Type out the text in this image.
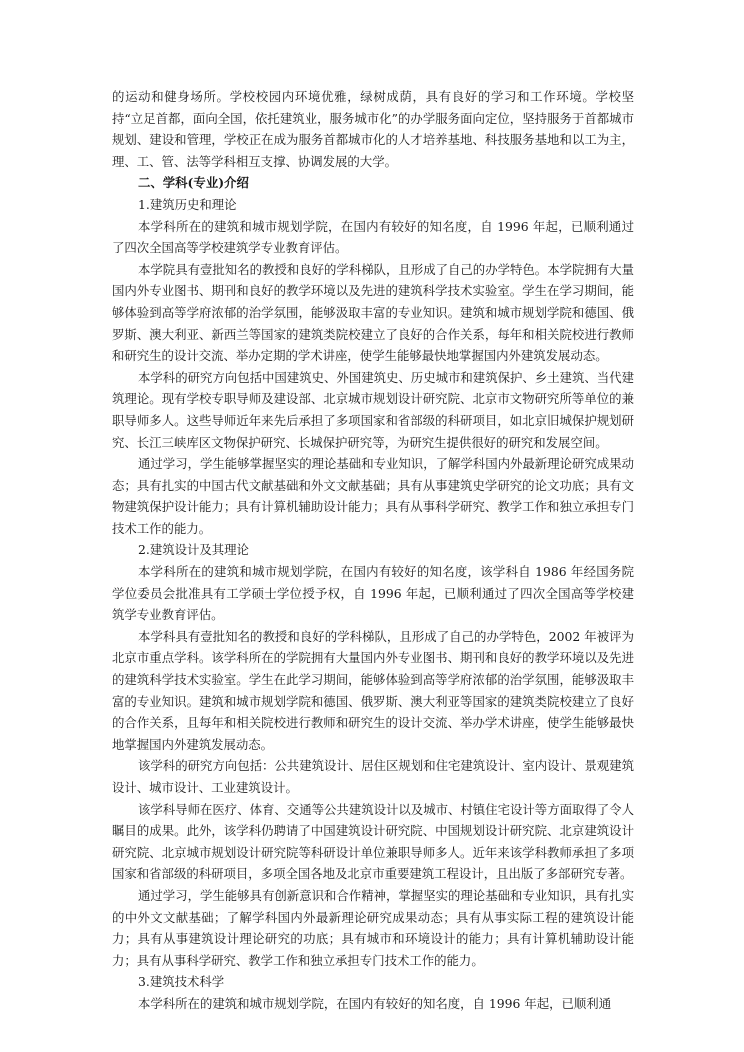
的运动和健身场所。学校校园内环境优雅，绿树成荫，具有良好的学习和工作环境。学校坚持“立足首都，面向全国，依托建筑业，服务城市化”的办学服务面向定位，坚持服务于首都城市规划、建设和管理，学校正在成为服务首都城市化的人才培养基地、科技服务基地和以工为主，理、工、管、法等学科相互支撑、协调发展的大学。

二、学科(专业)介绍

1.建筑历史和理论

本学科所在的建筑和城市规划学院，在国内有较好的知名度，自 1996 年起，已顺利通过了四次全国高等学校建筑学专业教育评估。

本学院具有壹批知名的教授和良好的学科梯队，且形成了自己的办学特色。本学院拥有大量国内外专业图书、期刊和良好的教学环境以及先进的建筑科学技术实验室。学生在学习期间，能够体验到高等学府浓郁的治学氛围，能够汲取丰富的专业知识。建筑和城市规划学院和德国、俄罗斯、澳大利亚、新西兰等国家的建筑类院校建立了良好的合作关系，每年和相关院校进行教师和研究生的设计交流、举办定期的学术讲座，使学生能够最快地掌握国内外建筑发展动态。

本学科的研究方向包括中国建筑史、外国建筑史、历史城市和建筑保护、乡土建筑、当代建筑理论。现有学校专职导师及建设部、北京城市规划设计研究院、北京市文物研究所等单位的兼职导师多人。这些导师近年来先后承担了多项国家和省部级的科研项目，如北京旧城保护规划研究、长江三峡库区文物保护研究、长城保护研究等，为研究生提供很好的研究和发展空间。

通过学习，学生能够掌握坚实的理论基础和专业知识，了解学科国内外最新理论研究成果动态；具有扎实的中国古代文献基础和外文文献基础；具有从事建筑史学研究的论文功底；具有文物建筑保护设计能力；具有计算机辅助设计能力；具有从事科学研究、教学工作和独立承担专门技术工作的能力。

2.建筑设计及其理论

本学科所在的建筑和城市规划学院，在国内有较好的知名度，该学科自 1986 年经国务院学位委员会批准具有工学硕士学位授予权，自 1996 年起，已顺利通过了四次全国高等学校建筑学专业教育评估。

本学科具有壹批知名的教授和良好的学科梯队，且形成了自己的办学特色，2002 年被评为北京市重点学科。该学科所在的学院拥有大量国内外专业图书、期刊和良好的教学环境以及先进的建筑科学技术实验室。学生在此学习期间，能够体验到高等学府浓郁的治学氛围，能够汲取丰富的专业知识。建筑和城市规划学院和德国、俄罗斯、澳大利亚等国家的建筑类院校建立了良好的合作关系，且每年和相关院校进行教师和研究生的设计交流、举办学术讲座，使学生能够最快地掌握国内外建筑发展动态。

该学科的研究方向包括：公共建筑设计、居住区规划和住宅建筑设计、室内设计、景观建筑设计、城市设计、工业建筑设计。

该学科导师在医疗、体育、交通等公共建筑设计以及城市、村镇住宅设计等方面取得了令人瞩目的成果。此外，该学科仍聘请了中国建筑设计研究院、中国规划设计研究院、北京建筑设计研究院、北京城市规划设计研究院等科研设计单位兼职导师多人。近年来该学科教师承担了多项国家和省部级的科研项目，多项全国各地及北京市重要建筑工程设计，且出版了多部研究专著。

通过学习，学生能够具有创新意识和合作精神，掌握坚实的理论基础和专业知识，具有扎实的中外文文献基础；了解学科国内外最新理论研究成果动态；具有从事实际工程的建筑设计能力；具有从事建筑设计理论研究的功底；具有城市和环境设计的能力；具有计算机辅助设计能力；具有从事科学研究、教学工作和独立承担专门技术工作的能力。

3.建筑技术科学

本学科所在的建筑和城市规划学院，在国内有较好的知名度，自 1996 年起，已顺利通
